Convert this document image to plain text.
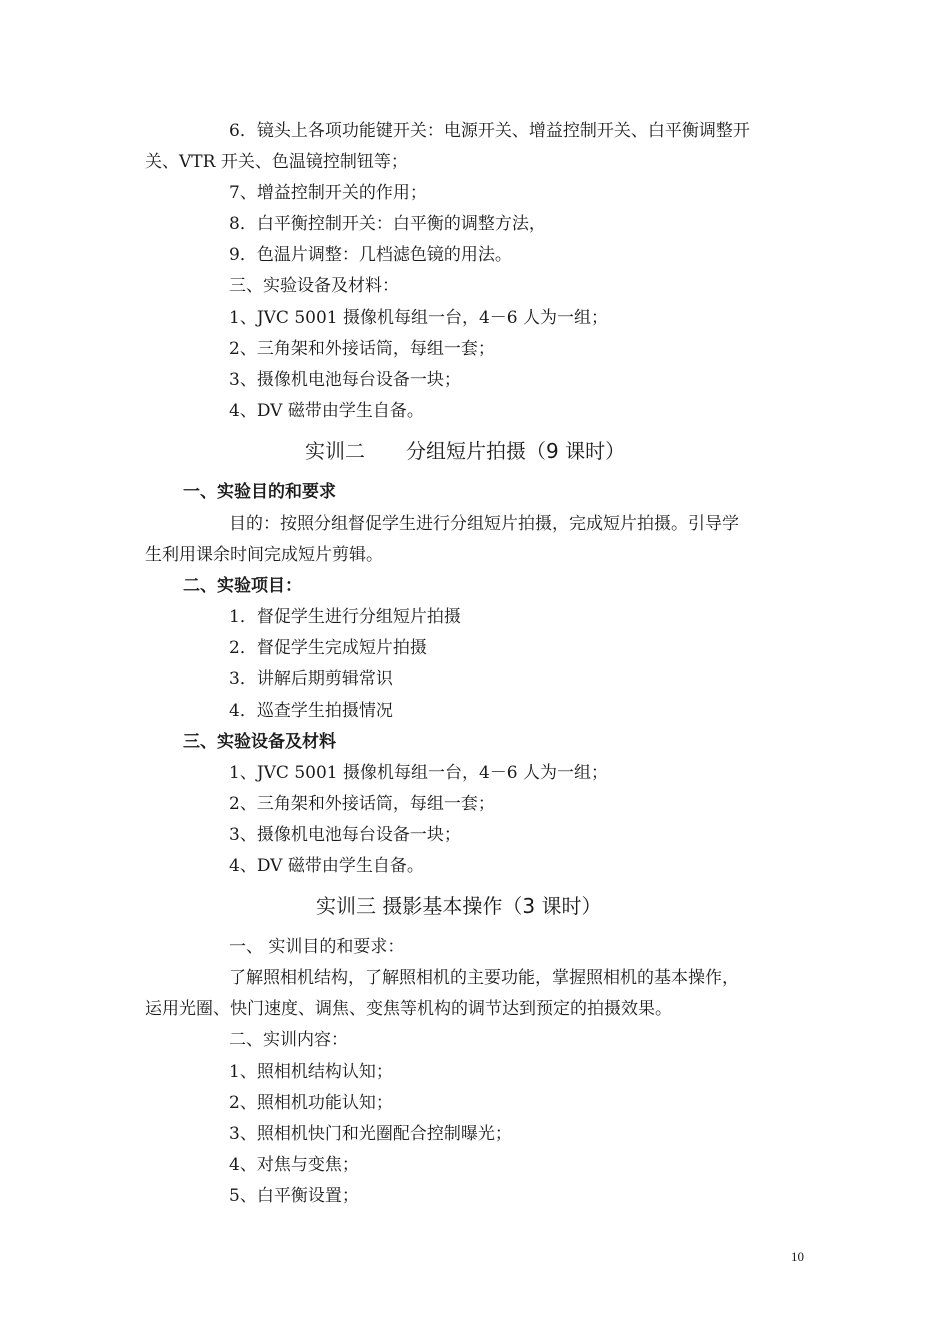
6．镜头上各项功能键开关：电源开关、增益控制开关、白平衡调整开
关、VTR 开关、色温镜控制钮等；
7、增益控制开关的作用；
8．白平衡控制开关：白平衡的调整方法，
9．色温片调整：几档滤色镜的用法。
三、实验设备及材料：
1、JVC 5001 摄像机每组一台，4－6 人为一组；
2、三角架和外接话筒，每组一套；
3、摄像机电池每台设备一块；
4、DV 磁带由学生自备。
实训二 分组短片拍摄（9 课时）
一、实验目的和要求
目的：按照分组督促学生进行分组短片拍摄，完成短片拍摄。引导学
生利用课余时间完成短片剪辑。
二、实验项目：
1．督促学生进行分组短片拍摄
2．督促学生完成短片拍摄
3．讲解后期剪辑常识
4．巡查学生拍摄情况
三、实验设备及材料
1、JVC 5001 摄像机每组一台，4－6 人为一组；
2、三角架和外接话筒，每组一套；
3、摄像机电池每台设备一块；
4、DV 磁带由学生自备。
实训三 摄影基本操作（3 课时）
一、 实训目的和要求：
了解照相机结构，了解照相机的主要功能，掌握照相机的基本操作，
运用光圈、快门速度、调焦、变焦等机构的调节达到预定的拍摄效果。
二、实训内容：
1、照相机结构认知；
2、照相机功能认知；
3、照相机快门和光圈配合控制曝光；
4、对焦与变焦；
5、白平衡设置；
10
